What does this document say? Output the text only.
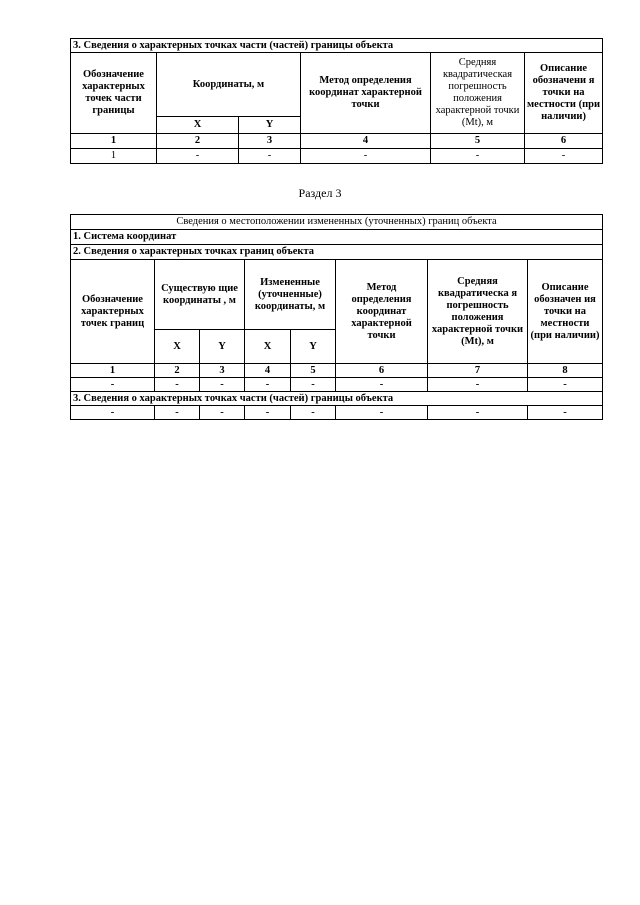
3. Сведения о характерных точках части (частей) границы объекта					
Обозначение характерных точек части границы	Координаты, м		Метод определения координат характерной точки	Средняя квадратическая погрешность положения характерной точки (Mt), м	Описание обозначени я точки на местности (при наличии)
	X	Y			
1	2	3	4	5	6
1	-	-	-	-	-
Раздел 3
Сведения о местоположении измененных (уточненных) границ объекта							
1. Система координат							
2. Сведения о характерных точках границ объекта							
Обозначение характерных точек границ	Существую щие координаты , м		Измененные (уточненные) координаты, м		Метод определения координат характерной точки	Средняя квадратическа я погрешность положения характерной точки (Mt), м	Описание обозначен ия точки на местности (при наличии)
	X	Y	X	Y			
1	2	3	4	5	6	7	8
-	-	-	-	-	-	-	-
3. Сведения о характерных точках части (частей) границы объекта							
-	-	-	-	-	-	-	-
